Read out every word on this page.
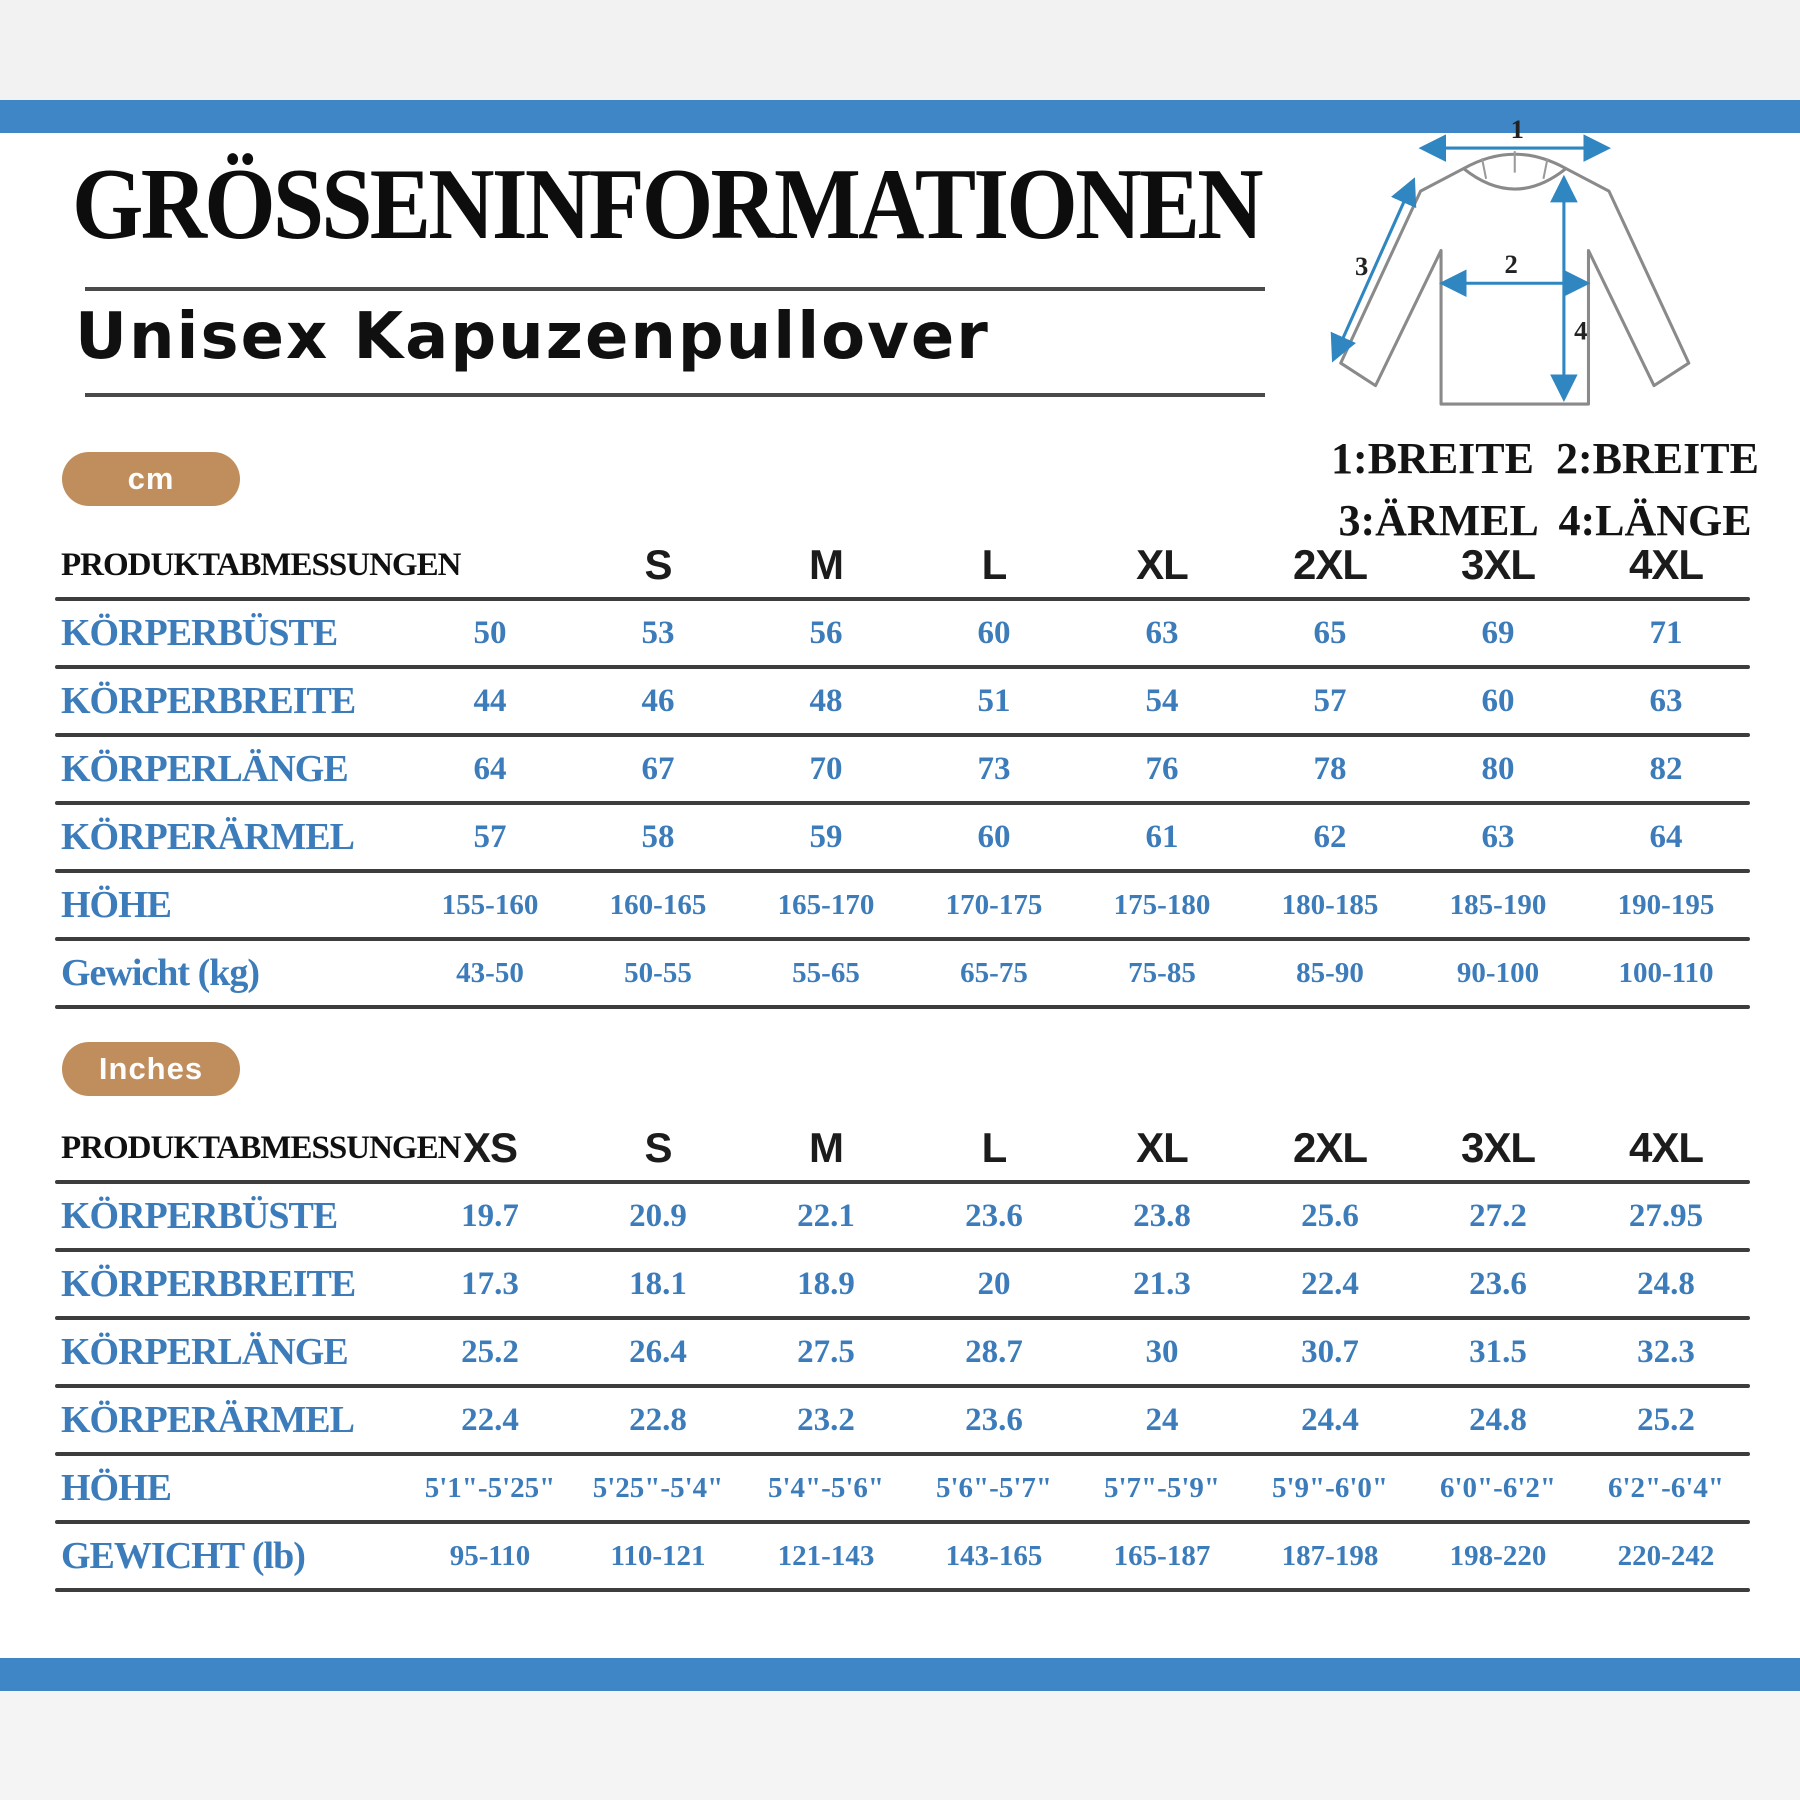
GRÖSSENINFORMATIONEN
Unisex Kapuzenpullover
1
2
3
4
1:BREITE  2:BREITE
3:ÄRMEL  4:LÄNGE
cm
PRODUKTABMESSUNGEN	S	M	L	XL	2XL	3XL	4XL
KÖRPERBÜSTE	50	53	56	60	63	65	69	71
KÖRPERBREITE	44	46	48	51	54	57	60	63
KÖRPERLÄNGE	64	67	70	73	76	78	80	82
KÖRPERÄRMEL	57	58	59	60	61	62	63	64
HÖHE	155-160	160-165	165-170	170-175	175-180	180-185	185-190	190-195
Gewicht (kg)	43-50	50-55	55-65	65-75	75-85	85-90	90-100	100-110
Inches
PRODUKTABMESSUNGEN XS	S	M	L	XL	2XL	3XL	4XL
KÖRPERBÜSTE	19.7	20.9	22.1	23.6	23.8	25.6	27.2	27.95
KÖRPERBREITE	17.3	18.1	18.9	20	21.3	22.4	23.6	24.8
KÖRPERLÄNGE	25.2	26.4	27.5	28.7	30	30.7	31.5	32.3
KÖRPERÄRMEL	22.4	22.8	23.2	23.6	24	24.4	24.8	25.2
HÖHE	5'1"-5'25"	5'25"-5'4"	5'4"-5'6"	5'6"-5'7"	5'7"-5'9"	5'9"-6'0"	6'0"-6'2"	6'2"-6'4"
GEWICHT (lb)	95-110	110-121	121-143	143-165	165-187	187-198	198-220	220-242
